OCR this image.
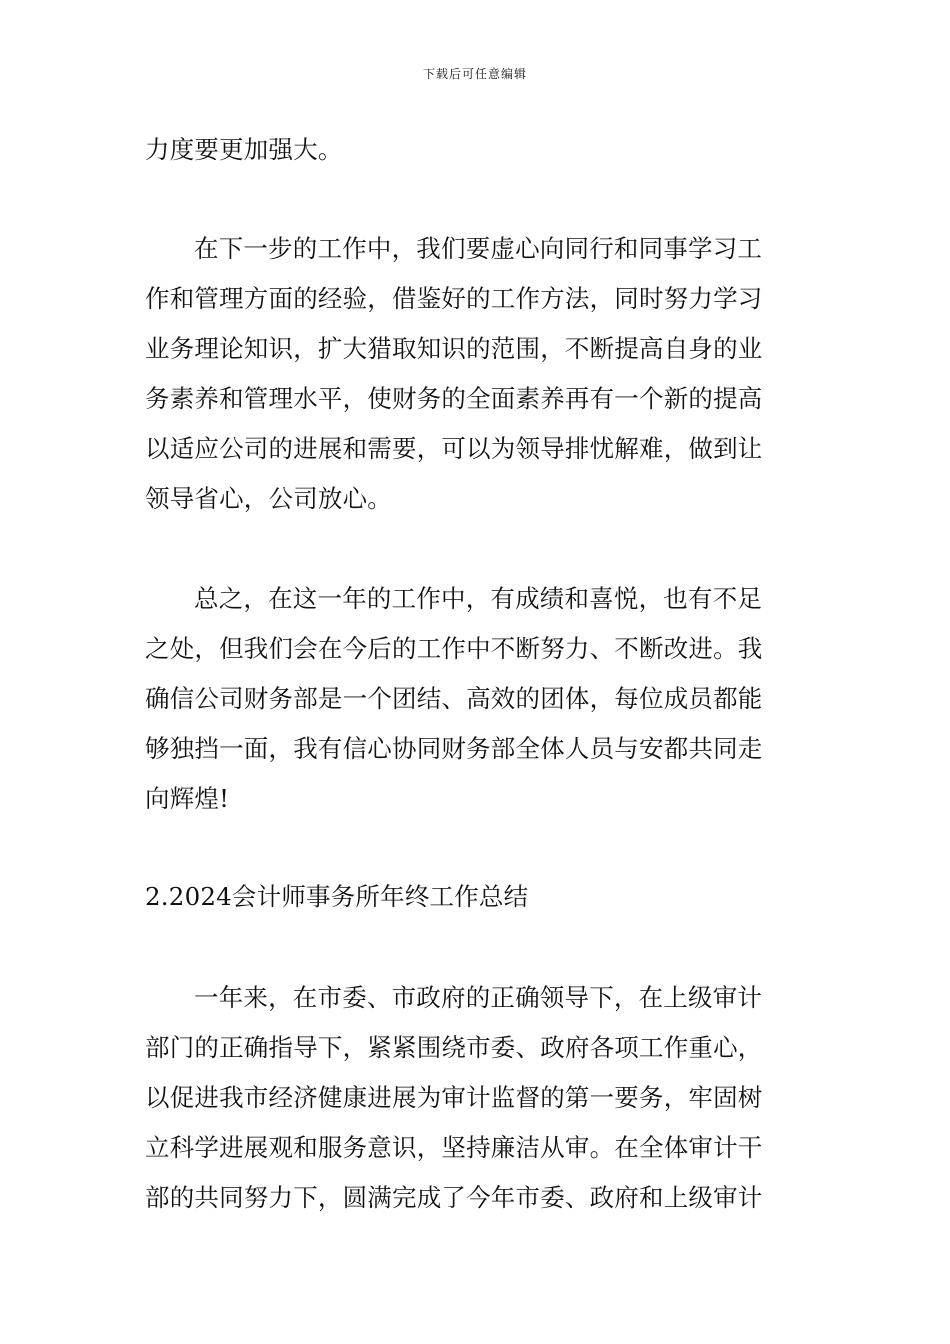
下载后可任意编辑
力度要更加强大。
在下一步的工作中，我们要虚心向同行和同事学习工
作和管理方面的经验，借鉴好的工作方法，同时努力学习
业务理论知识，扩大猎取知识的范围，不断提高自身的业
务素养和管理水平，使财务的全面素养再有一个新的提高
以适应公司的进展和需要，可以为领导排忧解难，做到让
领导省心，公司放心。
总之，在这一年的工作中，有成绩和喜悦，也有不足
之处，但我们会在今后的工作中不断努力、不断改进。我
确信公司财务部是一个团结、高效的团体，每位成员都能
够独挡一面，我有信心协同财务部全体人员与安都共同走
向辉煌!
2.2024会计师事务所年终工作总结
一年来，在市委、市政府的正确领导下，在上级审计
部门的正确指导下，紧紧围绕市委、政府各项工作重心，
以促进我市经济健康进展为审计监督的第一要务，牢固树
立科学进展观和服务意识，坚持廉洁从审。在全体审计干
部的共同努力下，圆满完成了今年市委、政府和上级审计
